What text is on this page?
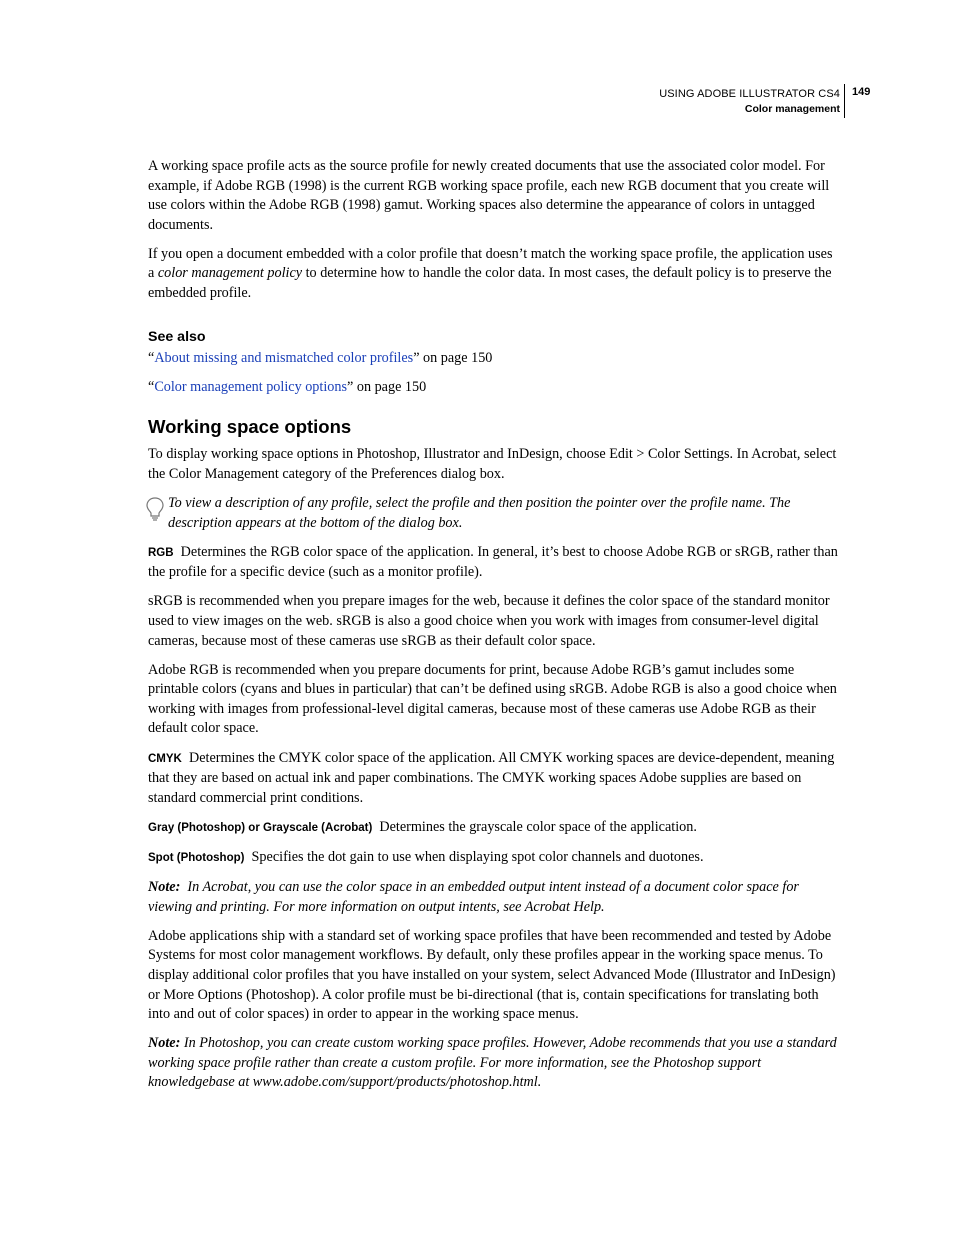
USING ADOBE ILLUSTRATOR CS4
Color management
149

A working space profile acts as the source profile for newly created documents that use the associated color model. For example, if Adobe RGB (1998) is the current RGB working space profile, each new RGB document that you create will use colors within the Adobe RGB (1998) gamut. Working spaces also determine the appearance of colors in untagged documents.

If you open a document embedded with a color profile that doesn’t match the working space profile, the application uses a color management policy to determine how to handle the color data. In most cases, the default policy is to preserve the embedded profile.

See also

“About missing and mismatched color profiles” on page 150

“Color management policy options” on page 150

Working space options

To display working space options in Photoshop, Illustrator and InDesign, choose Edit > Color Settings. In Acrobat, select the Color Management category of the Preferences dialog box.

To view a description of any profile, select the profile and then position the pointer over the profile name. The description appears at the bottom of the dialog box.

RGB Determines the RGB color space of the application. In general, it’s best to choose Adobe RGB or sRGB, rather than the profile for a specific device (such as a monitor profile).

sRGB is recommended when you prepare images for the web, because it defines the color space of the standard monitor used to view images on the web. sRGB is also a good choice when you work with images from consumer-level digital cameras, because most of these cameras use sRGB as their default color space.

Adobe RGB is recommended when you prepare documents for print, because Adobe RGB’s gamut includes some printable colors (cyans and blues in particular) that can’t be defined using sRGB. Adobe RGB is also a good choice when working with images from professional-level digital cameras, because most of these cameras use Adobe RGB as their default color space.

CMYK Determines the CMYK color space of the application. All CMYK working spaces are device-dependent, meaning that they are based on actual ink and paper combinations. The CMYK working spaces Adobe supplies are based on standard commercial print conditions.

Gray (Photoshop) or Grayscale (Acrobat) Determines the grayscale color space of the application.

Spot (Photoshop) Specifies the dot gain to use when displaying spot color channels and duotones.

Note: In Acrobat, you can use the color space in an embedded output intent instead of a document color space for viewing and printing. For more information on output intents, see Acrobat Help.

Adobe applications ship with a standard set of working space profiles that have been recommended and tested by Adobe Systems for most color management workflows. By default, only these profiles appear in the working space menus. To display additional color profiles that you have installed on your system, select Advanced Mode (Illustrator and InDesign) or More Options (Photoshop). A color profile must be bi-directional (that is, contain specifications for translating both into and out of color spaces) in order to appear in the working space menus.

Note: In Photoshop, you can create custom working space profiles. However, Adobe recommends that you use a standard working space profile rather than create a custom profile. For more information, see the Photoshop support knowledgebase at www.adobe.com/support/products/photoshop.html.
